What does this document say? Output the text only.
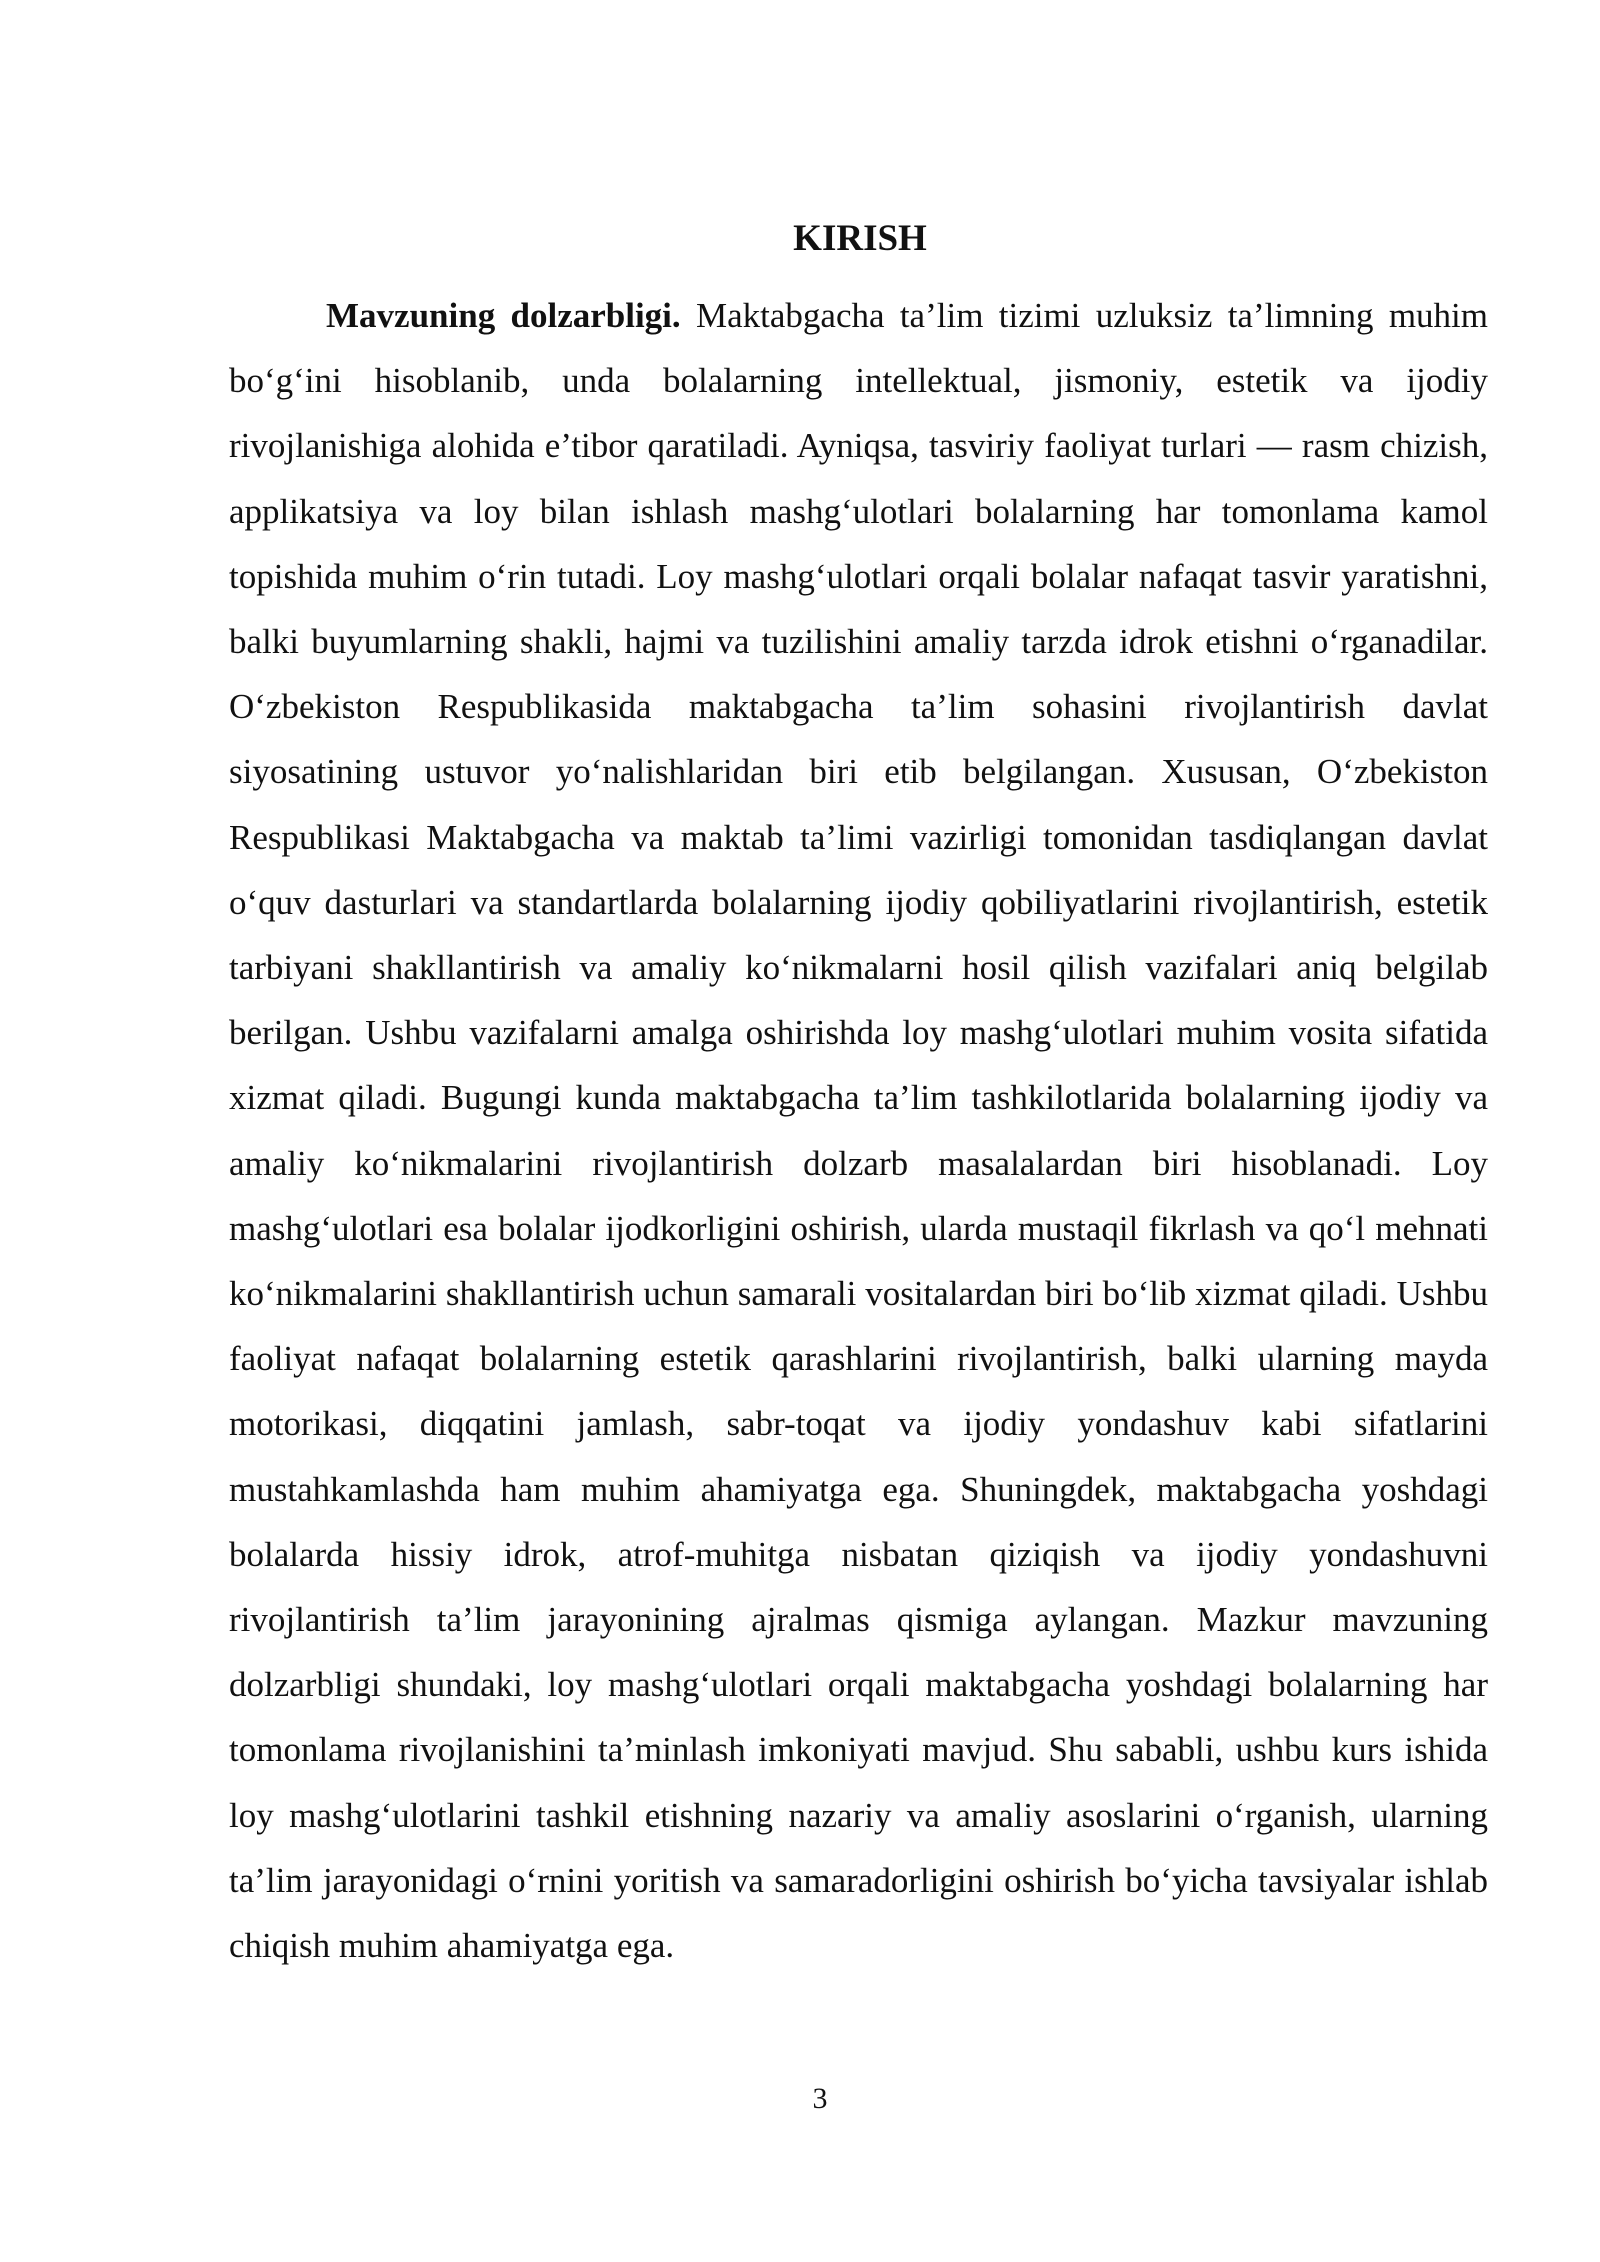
KIRISH

Mavzuning dolzarbligi. Maktabgacha ta’lim tizimi uzluksiz ta’limning muhim bo‘g‘ini hisoblanib, unda bolalarning intellektual, jismoniy, estetik va ijodiy rivojlanishiga alohida e’tibor qaratiladi. Ayniqsa, tasviriy faoliyat turlari — rasm chizish, applikatsiya va loy bilan ishlash mashg‘ulotlari bolalarning har tomonlama kamol topishida muhim o‘rin tutadi. Loy mashg‘ulotlari orqali bolalar nafaqat tasvir yaratishni, balki buyumlarning shakli, hajmi va tuzilishini amaliy tarzda idrok etishni o‘rganadilar. O‘zbekiston Respublikasida maktabgacha ta’lim sohasini rivojlantirish davlat siyosatining ustuvor yo‘nalishlaridan biri etib belgilangan. Xususan, O‘zbekiston Respublikasi Maktabgacha va maktab ta’limi vazirligi tomonidan tasdiqlangan davlat o‘quv dasturlari va standartlarda bolalarning ijodiy qobiliyatlarini rivojlantirish, estetik tarbiyani shakllantirish va amaliy ko‘nikmalarni hosil qilish vazifalari aniq belgilab berilgan. Ushbu vazifalarni amalga oshirishda loy mashg‘ulotlari muhim vosita sifatida xizmat qiladi. Bugungi kunda maktabgacha ta’lim tashkilotlarida bolalarning ijodiy va amaliy ko‘nikmalarini rivojlantirish dolzarb masalalardan biri hisoblanadi. Loy mashg‘ulotlari esa bolalar ijodkorligini oshirish, ularda mustaqil fikrlash va qo‘l mehnati ko‘nikmalarini shakllantirish uchun samarali vositalardan biri bo‘lib xizmat qiladi. Ushbu faoliyat nafaqat bolalarning estetik qarashlarini rivojlantirish, balki ularning mayda motorikasi, diqqatini jamlash, sabr-toqat va ijodiy yondashuv kabi sifatlarini mustahkamlashda ham muhim ahamiyatga ega. Shuningdek, maktabgacha yoshdagi bolalarda hissiy idrok, atrof-muhitga nisbatan qiziqish va ijodiy yondashuvni rivojlantirish ta’lim jarayonining ajralmas qismiga aylangan. Mazkur mavzuning dolzarbligi shundaki, loy mashg‘ulotlari orqali maktabgacha yoshdagi bolalarning har tomonlama rivojlanishini ta’minlash imkoniyati mavjud. Shu sababli, ushbu kurs ishida loy mashg‘ulotlarini tashkil etishning nazariy va amaliy asoslarini o‘rganish, ularning ta’lim jarayonidagi o‘rnini yoritish va samaradorligini oshirish bo‘yicha tavsiyalar ishlab chiqish muhim ahamiyatga ega.

3
